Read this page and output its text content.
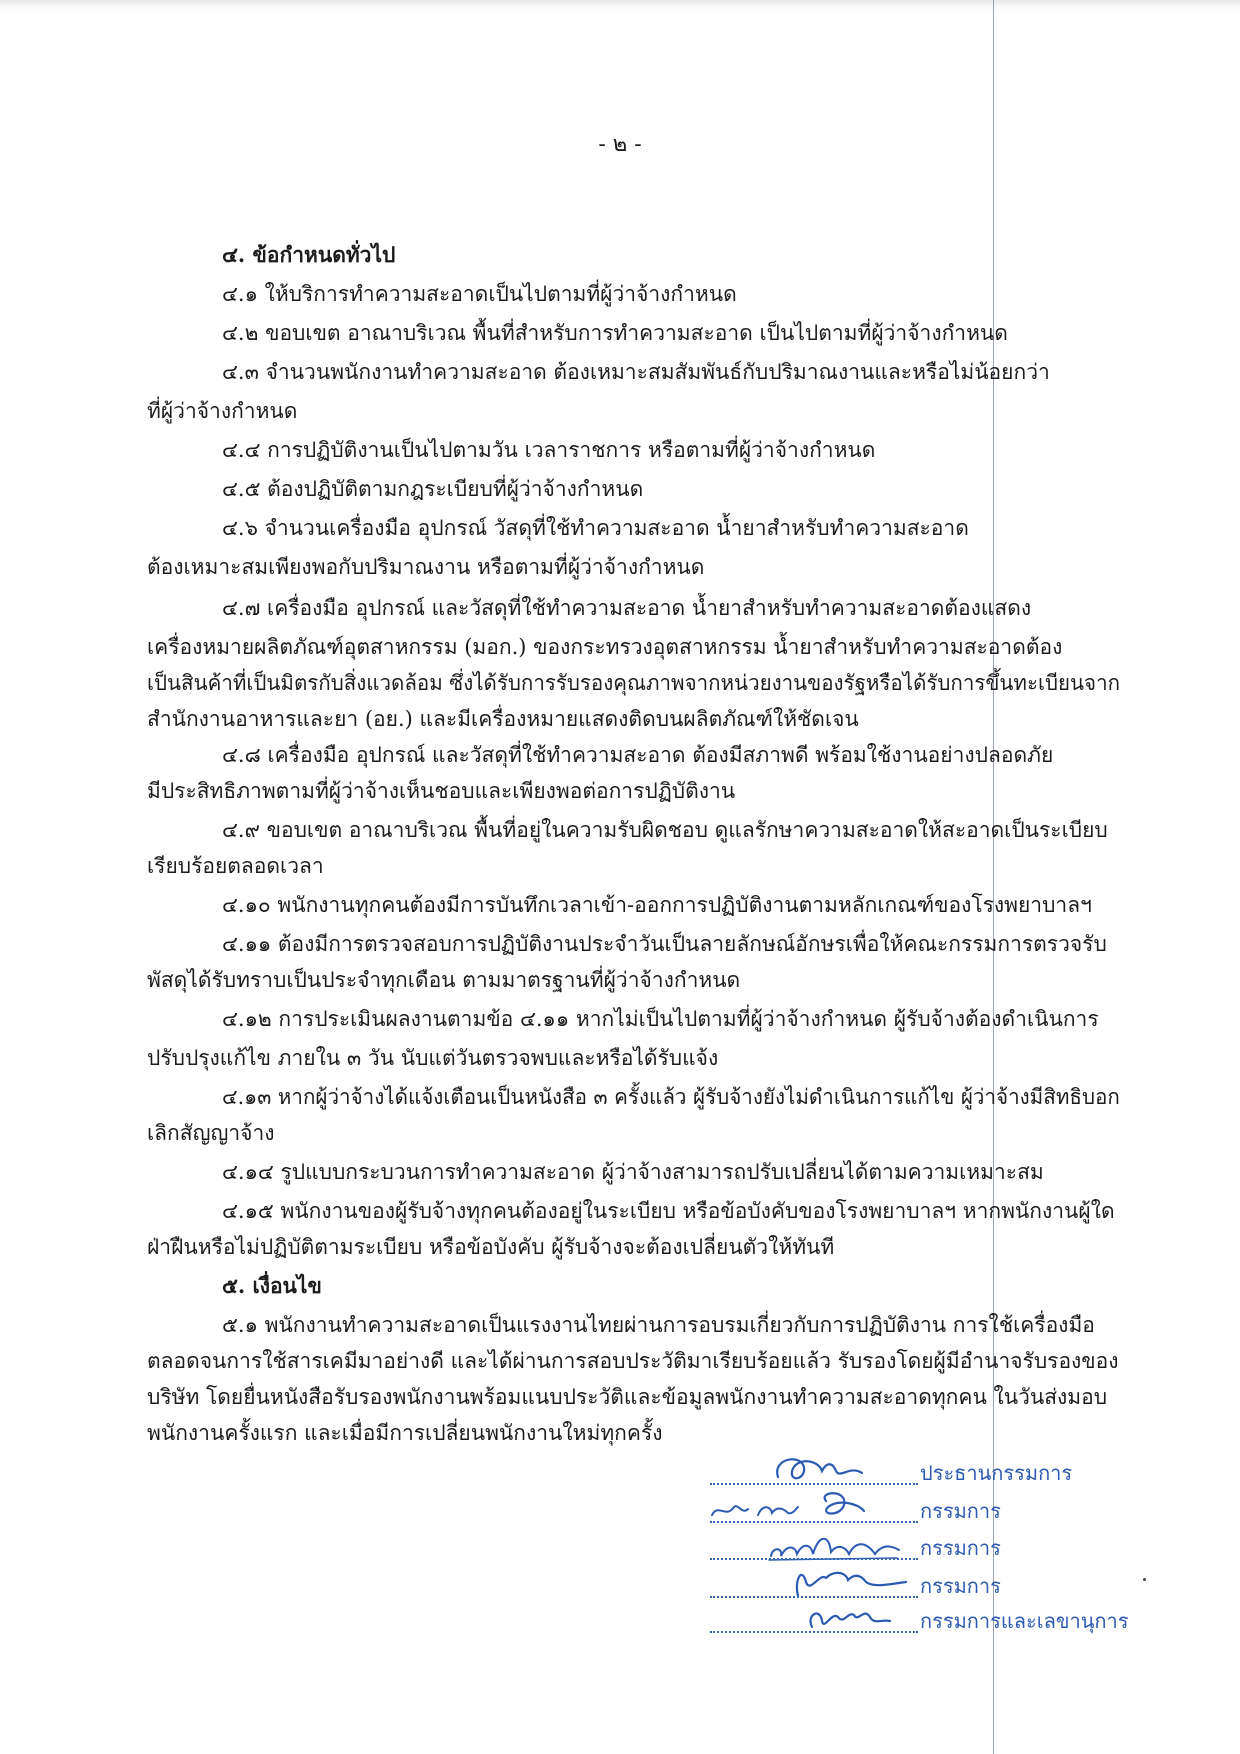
- ๒ -
๔. ข้อกำหนดทั่วไป
๔.๑ ให้บริการทำความสะอาดเป็นไปตามที่ผู้ว่าจ้างกำหนด
๔.๒ ขอบเขต อาณาบริเวณ พื้นที่สำหรับการทำความสะอาด เป็นไปตามที่ผู้ว่าจ้างกำหนด
๔.๓ จำนวนพนักงานทำความสะอาด ต้องเหมาะสมสัมพันธ์กับปริมาณงานและหรือไม่น้อยกว่า
ที่ผู้ว่าจ้างกำหนด
๔.๔ การปฏิบัติงานเป็นไปตามวัน เวลาราชการ หรือตามที่ผู้ว่าจ้างกำหนด
๔.๕ ต้องปฏิบัติตามกฎระเบียบที่ผู้ว่าจ้างกำหนด
๔.๖ จำนวนเครื่องมือ อุปกรณ์ วัสดุที่ใช้ทำความสะอาด น้ำยาสำหรับทำความสะอาด
ต้องเหมาะสมเพียงพอกับปริมาณงาน หรือตามที่ผู้ว่าจ้างกำหนด
๔.๗ เครื่องมือ อุปกรณ์ และวัสดุที่ใช้ทำความสะอาด น้ำยาสำหรับทำความสะอาดต้องแสดง
เครื่องหมายผลิตภัณฑ์อุตสาหกรรม (มอก.) ของกระทรวงอุตสาหกรรม น้ำยาสำหรับทำความสะอาดต้อง
เป็นสินค้าที่เป็นมิตรกับสิ่งแวดล้อม ซึ่งได้รับการรับรองคุณภาพจากหน่วยงานของรัฐหรือได้รับการขึ้นทะเบียนจาก
สำนักงานอาหารและยา (อย.) และมีเครื่องหมายแสดงติดบนผลิตภัณฑ์ให้ชัดเจน
๔.๘ เครื่องมือ อุปกรณ์ และวัสดุที่ใช้ทำความสะอาด ต้องมีสภาพดี พร้อมใช้งานอย่างปลอดภัย
มีประสิทธิภาพตามที่ผู้ว่าจ้างเห็นชอบและเพียงพอต่อการปฏิบัติงาน
๔.๙ ขอบเขต อาณาบริเวณ พื้นที่อยู่ในความรับผิดชอบ ดูแลรักษาความสะอาดให้สะอาดเป็นระเบียบ
เรียบร้อยตลอดเวลา
๔.๑๐ พนักงานทุกคนต้องมีการบันทึกเวลาเข้า-ออกการปฏิบัติงานตามหลักเกณฑ์ของโรงพยาบาลฯ
๔.๑๑ ต้องมีการตรวจสอบการปฏิบัติงานประจำวันเป็นลายลักษณ์อักษรเพื่อให้คณะกรรมการตรวจรับ
พัสดุได้รับทราบเป็นประจำทุกเดือน ตามมาตรฐานที่ผู้ว่าจ้างกำหนด
๔.๑๒ การประเมินผลงานตามข้อ ๔.๑๑ หากไม่เป็นไปตามที่ผู้ว่าจ้างกำหนด ผู้รับจ้างต้องดำเนินการ
ปรับปรุงแก้ไข ภายใน ๓ วัน นับแต่วันตรวจพบและหรือได้รับแจ้ง
๔.๑๓ หากผู้ว่าจ้างได้แจ้งเตือนเป็นหนังสือ ๓ ครั้งแล้ว ผู้รับจ้างยังไม่ดำเนินการแก้ไข ผู้ว่าจ้างมีสิทธิบอก
เลิกสัญญาจ้าง
๔.๑๔ รูปแบบกระบวนการทำความสะอาด ผู้ว่าจ้างสามารถปรับเปลี่ยนได้ตามความเหมาะสม
๔.๑๕ พนักงานของผู้รับจ้างทุกคนต้องอยู่ในระเบียบ หรือข้อบังคับของโรงพยาบาลฯ หากพนักงานผู้ใด
ฝ่าฝืนหรือไม่ปฏิบัติตามระเบียบ หรือข้อบังคับ ผู้รับจ้างจะต้องเปลี่ยนตัวให้ทันที
๕. เงื่อนไข
๕.๑ พนักงานทำความสะอาดเป็นแรงงานไทยผ่านการอบรมเกี่ยวกับการปฏิบัติงาน การใช้เครื่องมือ
ตลอดจนการใช้สารเคมีมาอย่างดี และได้ผ่านการสอบประวัติมาเรียบร้อยแล้ว รับรองโดยผู้มีอำนาจรับรองของ
บริษัท โดยยื่นหนังสือรับรองพนักงานพร้อมแนบประวัติและข้อมูลพนักงานทำความสะอาดทุกคน ในวันส่งมอบ
พนักงานครั้งแรก และเมื่อมีการเปลี่ยนพนักงานใหม่ทุกครั้ง
ประธานกรรมการ
กรรมการ
กรรมการ
กรรมการ
กรรมการและเลขานุการ
